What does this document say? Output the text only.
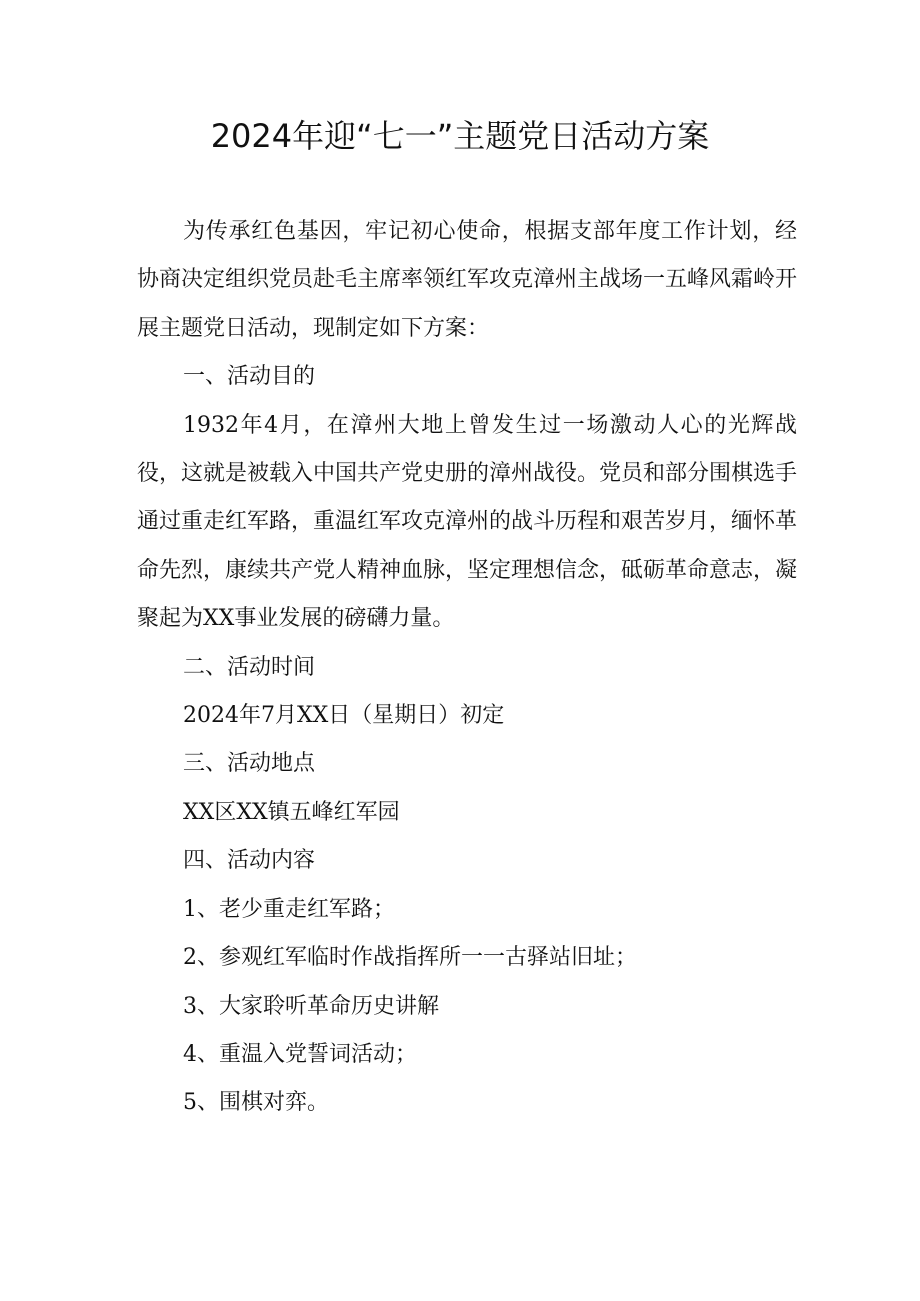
2024年迎“七一”主题党日活动方案

为传承红色基因，牢记初心使命，根据支部年度工作计划，经协商决定组织党员赴毛主席率领红军攻克漳州主战场一五峰风霜岭开展主题党日活动，现制定如下方案：

一、活动目的

1932年4月，在漳州大地上曾发生过一场激动人心的光辉战役，这就是被载入中国共产党史册的漳州战役。党员和部分围棋选手通过重走红军路，重温红军攻克漳州的战斗历程和艰苦岁月，缅怀革命先烈，康续共产党人精神血脉，坚定理想信念，砥砺革命意志，凝聚起为XX事业发展的磅礴力量。

二、活动时间

2024年7月XX日（星期日）初定

三、活动地点

XX区XX镇五峰红军园

四、活动内容

1、老少重走红军路；

2、参观红军临时作战指挥所一一古驿站旧址；

3、大家聆听革命历史讲解

4、重温入党誓词活动；

5、围棋对弈。
